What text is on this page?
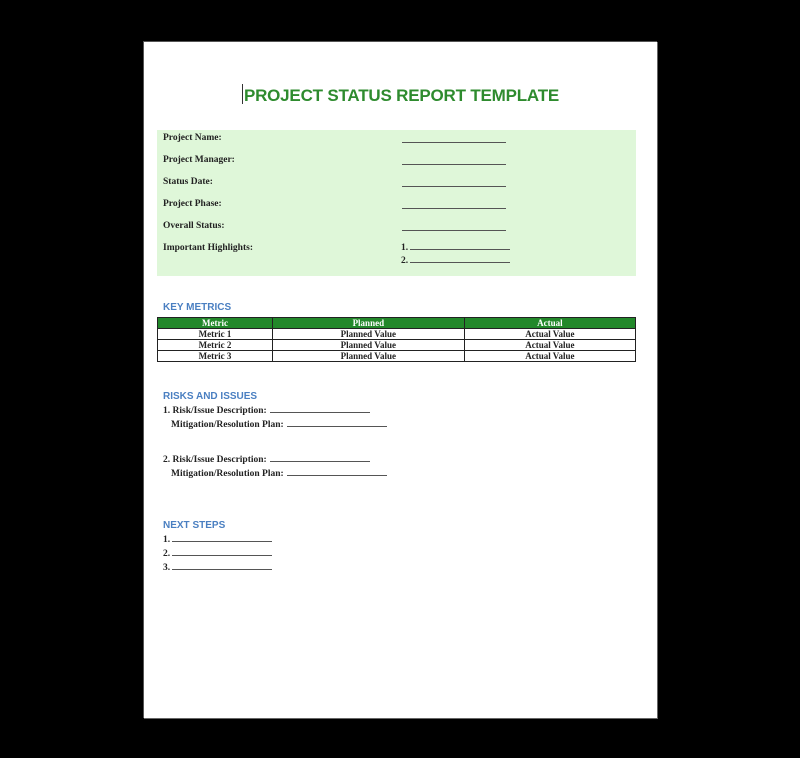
PROJECT STATUS REPORT TEMPLATE
Project Name:
Project Manager:
Status Date:
Project Phase:
Overall Status:
Important Highlights:	1.
2.
KEY METRICS
Metric	Planned	Actual
Metric 1	Planned Value	Actual Value
Metric 2	Planned Value	Actual Value
Metric 3	Planned Value	Actual Value
RISKS AND ISSUES
1. Risk/Issue Description:
Mitigation/Resolution Plan:
2. Risk/Issue Description:
Mitigation/Resolution Plan:
NEXT STEPS
1.
2.
3.
